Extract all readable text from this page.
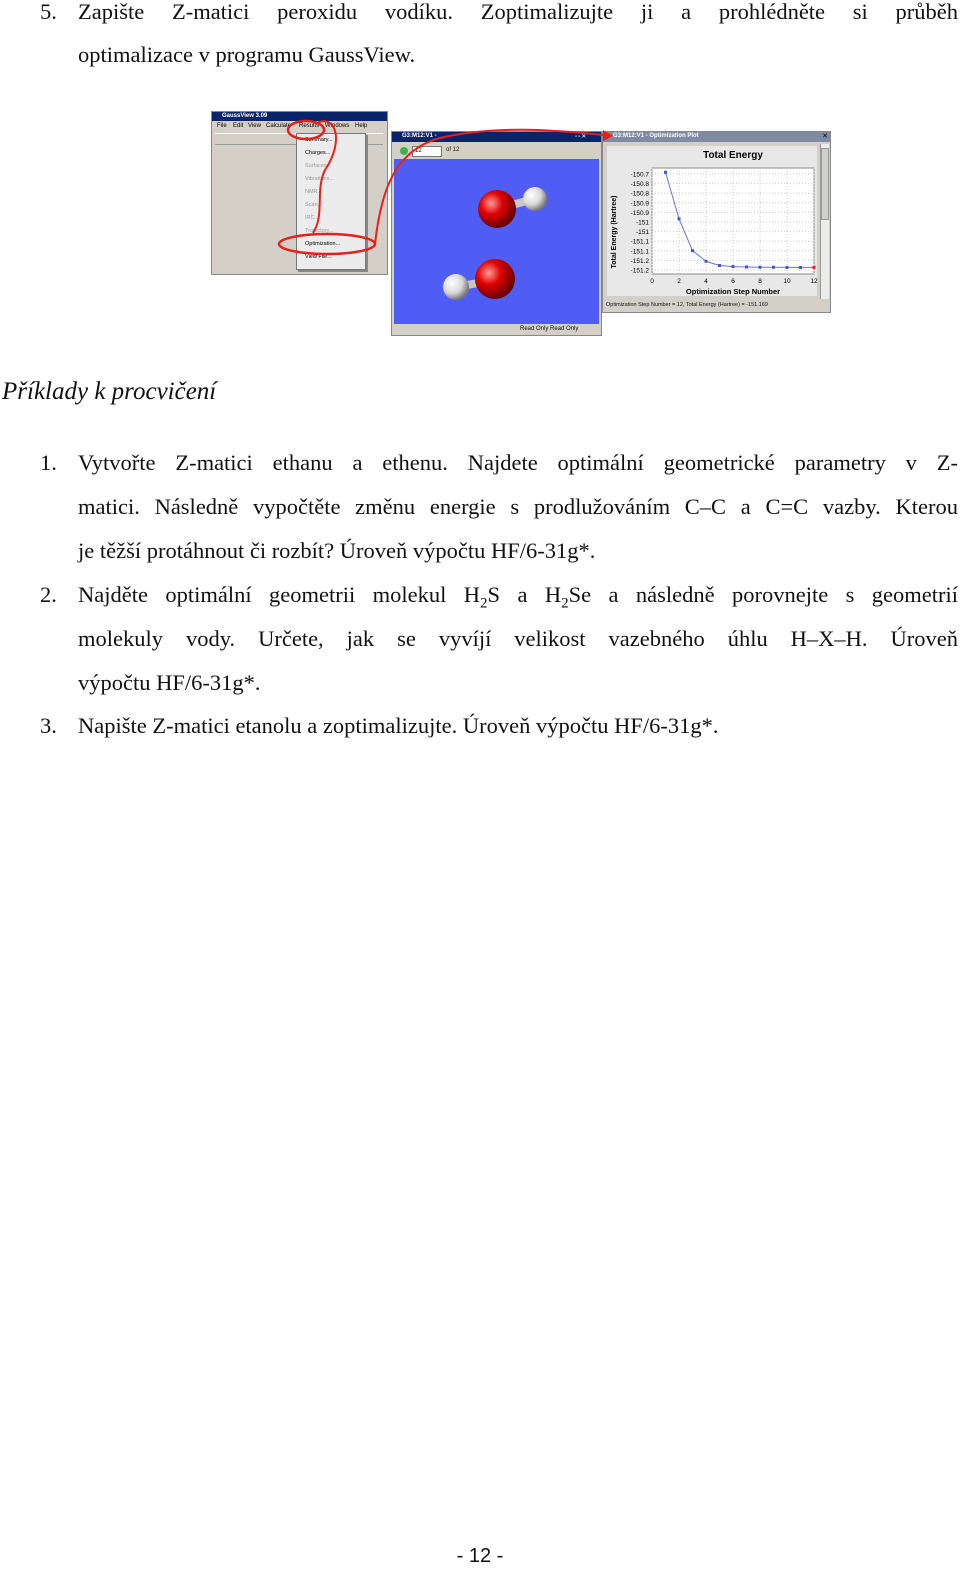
5. Zapište Z-matici peroxidu vodíku. Zoptimalizujte ji a prohlédněte si průběh
optimalizace v programu GaussView.
GaussView 3.09
File Edit View Calculate Results Windows Help
Summary...
Charges...
Surfaces...
Vibrations...
NMR...
Scan...
IRC...
Trajectory...
Optimization...
View File...
G3:M12:V1 -	▫▫✕
12	of 12
Read Only Read Only
G3:M12:V1 - Optimization Plot	✕
Total Energy
Total Energy (Hartree)
Optimization Step Number
-150.7
-150.8
-150.8
-150.9
-150.9
-151
-151
-151.1
-151.1
-151.2
-151.2
0	2	4	6	8	10	12
Optimization Step Number = 12, Total Energy (Hartree) = -151.169
Příklady k procvičení
1. Vytvořte Z-matici ethanu a ethenu. Najdete optimální geometrické parametry v Z-
matici. Následně vypočtěte změnu energie s prodlužováním C–C a C=C vazby. Kterou
je těžší protáhnout či rozbít? Úroveň výpočtu HF/6-31g*.
2. Najděte optimální geometrii molekul $H_2S$ a $H_2Se$ a následně porovnejte s geometrií
molekuly vody. Určete, jak se vyvíjí velikost vazebného úhlu H–X–H. Úroveň
výpočtu HF/6-31g*.
3. Napište Z-matici etanolu a zoptimalizujte. Úroveň výpočtu HF/6-31g*.
- 12 -
